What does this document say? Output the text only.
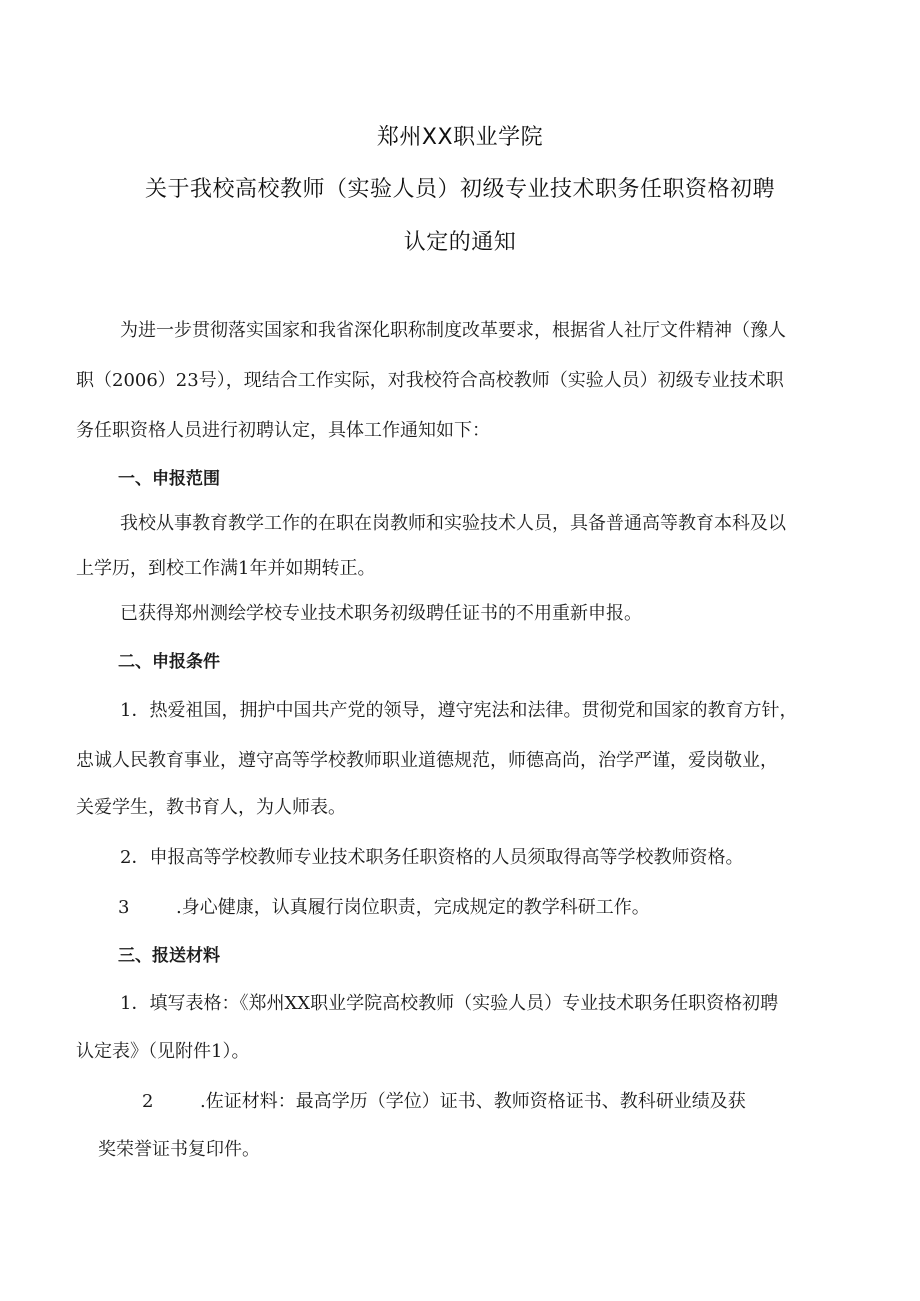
郑州XX职业学院
关于我校高校教师（实验人员）初级专业技术职务任职资格初聘
认定的通知
为进一步贯彻落实国家和我省深化职称制度改革要求，根据省人社厅文件精神（豫人
职（2006）23号），现结合工作实际，对我校符合高校教师（实验人员）初级专业技术职
务任职资格人员进行初聘认定，具体工作通知如下：
一、申报范围
我校从事教育教学工作的在职在岗教师和实验技术人员，具备普通高等教育本科及以
上学历，到校工作满1年并如期转正。
已获得郑州测绘学校专业技术职务初级聘任证书的不用重新申报。
二、申报条件
1．热爱祖国，拥护中国共产党的领导，遵守宪法和法律。贯彻党和国家的教育方针，
忠诚人民教育事业，遵守高等学校教师职业道德规范，师德高尚，治学严谨，爱岗敬业，
关爱学生，教书育人，为人师表。
2．申报高等学校教师专业技术职务任职资格的人员须取得高等学校教师资格。
3	.身心健康，认真履行岗位职责，完成规定的教学科研工作。
三、报送材料
1．填写表格：《郑州XX职业学院高校教师（实验人员）专业技术职务任职资格初聘
认定表》（见附件1）。
2	.佐证材料：最高学历（学位）证书、教师资格证书、教科研业绩及获
奖荣誉证书复印件。
